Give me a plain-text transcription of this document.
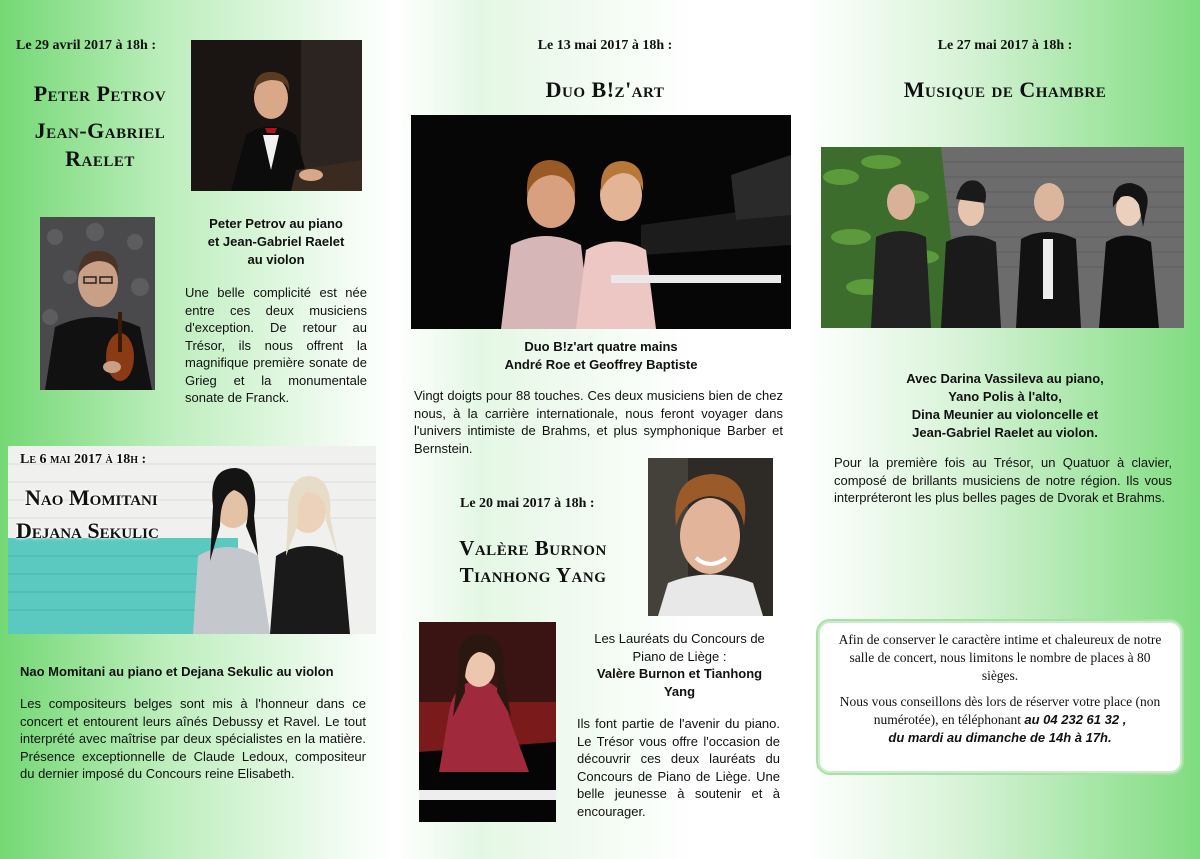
Le 29 avril 2017 à 18h :
Peter Petrov
Jean-Gabriel
Raelet
Peter Petrov au piano
et Jean-Gabriel Raelet
au violon
Une belle complicité est née entre ces deux musiciens d'exception. De retour au Trésor, ils nous offrent la magnifique première sonate de Grieg et la monumentale sonate de Franck.
Le 6 mai 2017 à 18h :
Nao Momitani
Dejana Sekulic
Nao Momitani au piano et Dejana Sekulic au violon
Les compositeurs belges sont mis à l'honneur dans ce concert et entourent leurs aînés Debussy et Ravel. Le tout interprété avec maîtrise par deux spécialistes en la matière. Présence exceptionnelle de Claude Ledoux, compositeur du dernier imposé du Concours reine Elisabeth.
Le 13 mai 2017 à 18h :
Duo B!z'art
Duo B!z'art quatre mains
André Roe et Geoffrey Baptiste
Vingt doigts pour 88 touches. Ces deux musiciens bien de chez nous, à la carrière internationale, nous feront voyager dans l'univers intimiste de Brahms, et plus symphonique Barber et Bernstein.
Le 20 mai 2017 à 18h :
Valère Burnon
Tianhong Yang
Les Lauréats du Concours de
Piano de Liège :
Valère Burnon et Tianhong
Yang
Ils font partie de l'avenir du piano. Le Trésor vous offre l'occasion de découvrir ces deux lauréats du Concours de Piano de Liège. Une belle jeunesse à soutenir et à encourager.
Le 27 mai 2017 à 18h :
Musique de Chambre
Avec Darina Vassileva au piano,
Yano Polis à l'alto,
Dina Meunier au violoncelle et
Jean-Gabriel Raelet au violon.
Pour la première fois au Trésor, un Quatuor à clavier, composé de brillants musiciens de notre région. Ils vous interpréteront les plus belles pages de Dvorak et Brahms.

Afin de conserver le caractère intime et chaleureux de notre salle de concert, nous limitons le nombre de places à 80 sièges.

Nous vous conseillons dès lors de réserver votre place (non numérotée), en téléphonant au 04 232 61 32 ,
du mardi au dimanche de 14h à 17h.
